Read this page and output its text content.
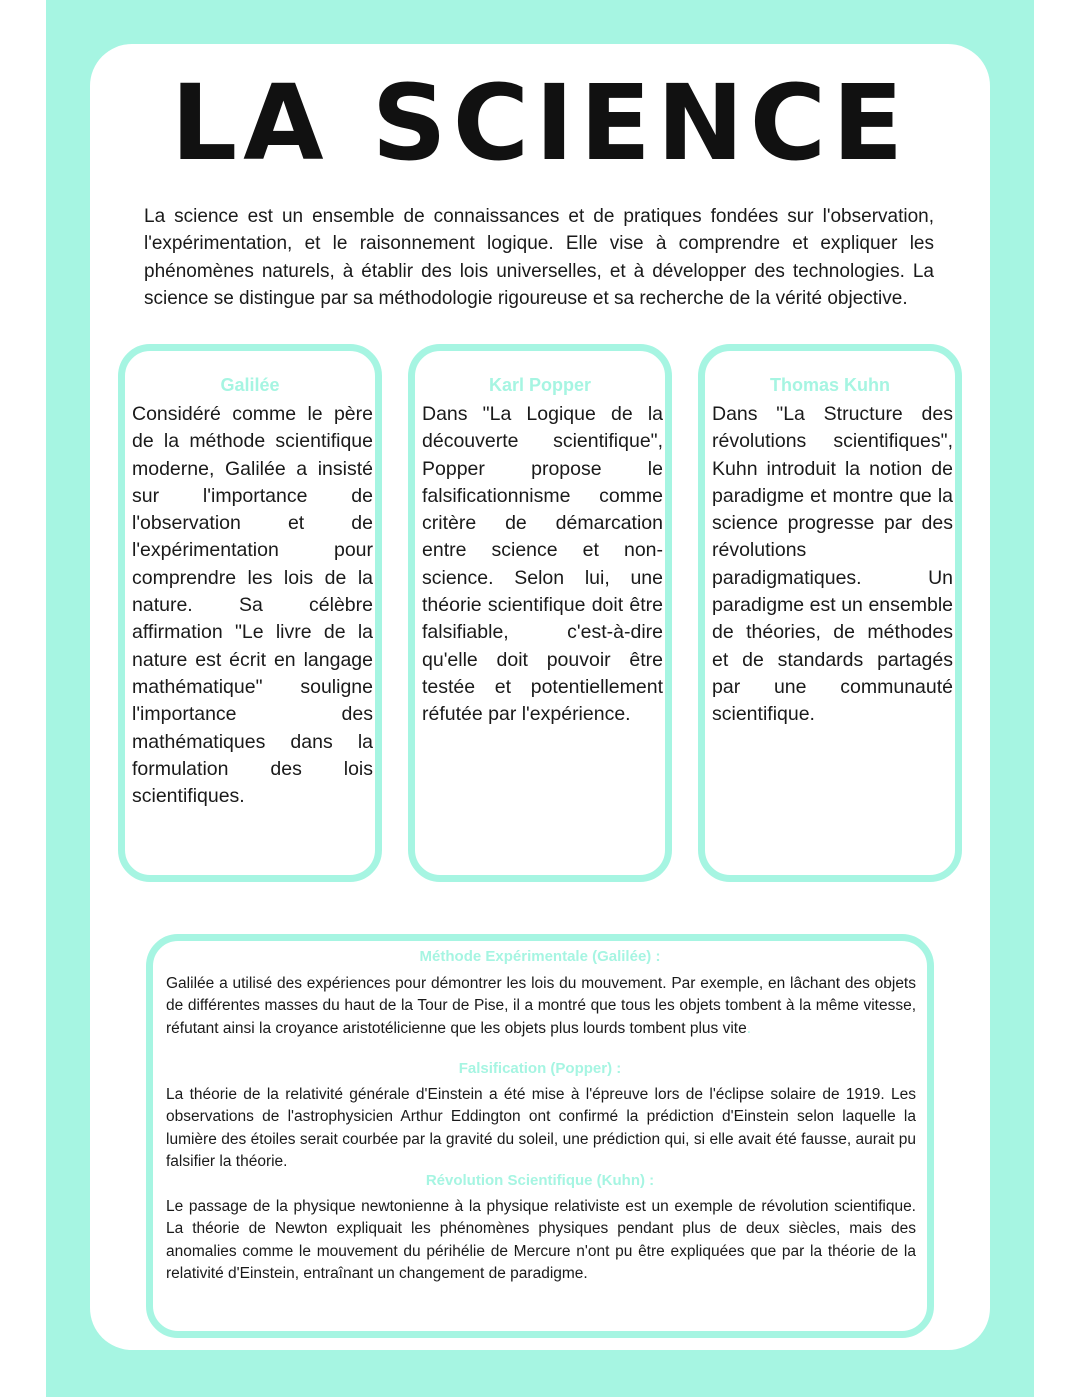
LA SCIENCE

La science est un ensemble de connaissances et de pratiques fondées sur l'observation, l'expérimentation, et le raisonnement logique. Elle vise à comprendre et expliquer les phénomènes naturels, à établir des lois universelles, et à développer des technologies. La science se distingue par sa méthodologie rigoureuse et sa recherche de la vérité objective.

Galilée

Considéré comme le père de la méthode scientifique moderne, Galilée a insisté sur l'importance de l'observation et de l'expérimentation pour comprendre les lois de la nature. Sa célèbre affirmation "Le livre de la nature est écrit en langage mathématique" souligne l'importance des mathématiques dans la formulation des lois scientifiques.

Karl Popper

Dans "La Logique de la découverte scientifique", Popper propose le falsificationnisme comme critère de démarcation entre science et non-science. Selon lui, une théorie scientifique doit être falsifiable, c'est-à-dire qu'elle doit pouvoir être testée et potentiellement réfutée par l'expérience.

Thomas Kuhn

Dans "La Structure des révolutions scientifiques", Kuhn introduit la notion de paradigme et montre que la science progresse par des révolutions paradigmatiques. Un paradigme est un ensemble de théories, de méthodes et de standards partagés par une communauté scientifique.

Méthode Expérimentale (Galilée) :

Galilée a utilisé des expériences pour démontrer les lois du mouvement. Par exemple, en lâchant des objets de différentes masses du haut de la Tour de Pise, il a montré que tous les objets tombent à la même vitesse, réfutant ainsi la croyance aristotélicienne que les objets plus lourds tombent plus vite.

Falsification (Popper) :

La théorie de la relativité générale d'Einstein a été mise à l'épreuve lors de l'éclipse solaire de 1919. Les observations de l'astrophysicien Arthur Eddington ont confirmé la prédiction d'Einstein selon laquelle la lumière des étoiles serait courbée par la gravité du soleil, une prédiction qui, si elle avait été fausse, aurait pu falsifier la théorie.

Révolution Scientifique (Kuhn) :

Le passage de la physique newtonienne à la physique relativiste est un exemple de révolution scientifique. La théorie de Newton expliquait les phénomènes physiques pendant plus de deux siècles, mais des anomalies comme le mouvement du périhélie de Mercure n'ont pu être expliquées que par la théorie de la relativité d'Einstein, entraînant un changement de paradigme.
